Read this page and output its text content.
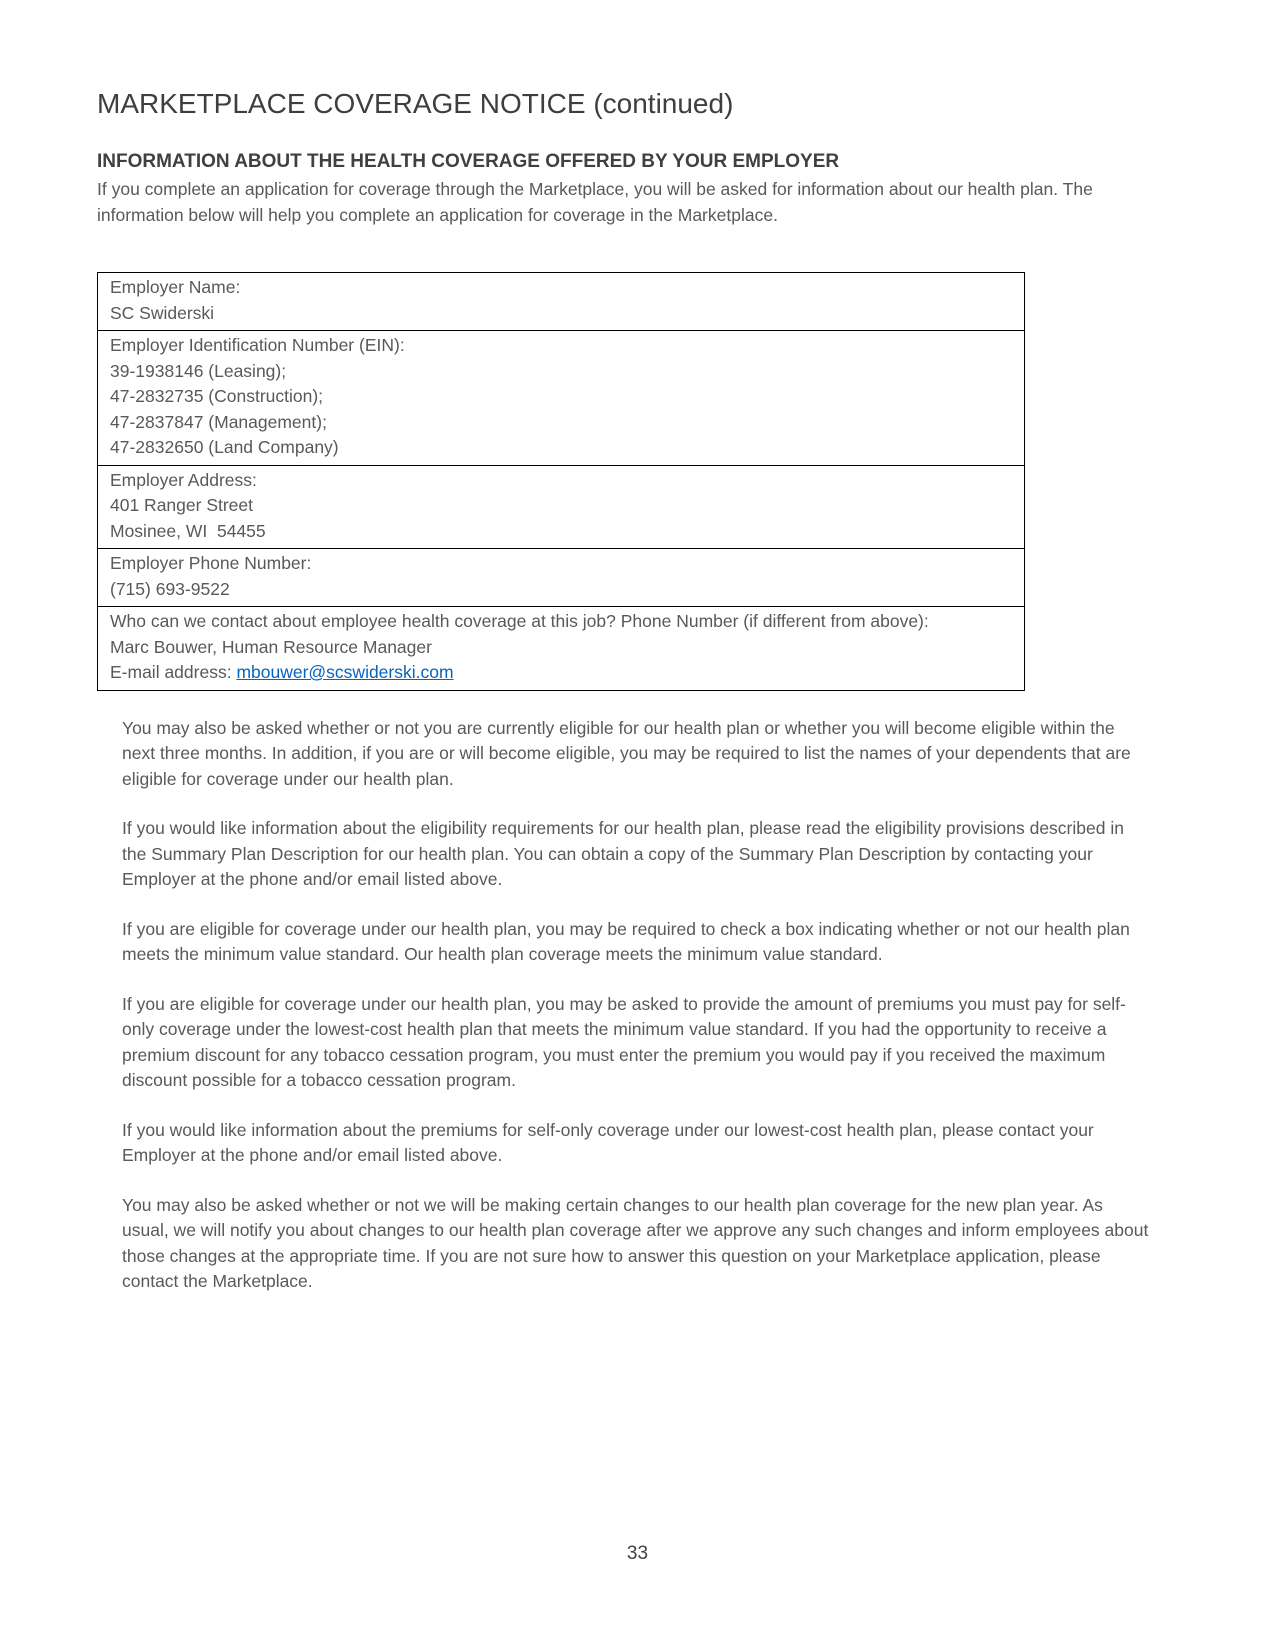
MARKETPLACE COVERAGE NOTICE (continued)
INFORMATION ABOUT THE HEALTH COVERAGE OFFERED BY YOUR EMPLOYER

If you complete an application for coverage through the Marketplace, you will be asked for information about our health plan. The information below will help you complete an application for coverage in the Marketplace.

Employer Name:
SC Swiderski

Employer Identification Number (EIN):
39-1938146 (Leasing);
47-2832735 (Construction);
47-2837847 (Management);
47-2832650 (Land Company)

Employer Address:
401 Ranger Street
Mosinee, WI  54455

Employer Phone Number:
(715) 693-9522

Who can we contact about employee health coverage at this job? Phone Number (if different from above):
Marc Bouwer, Human Resource Manager
E-mail address: mbouwer@scswiderski.com
You may also be asked whether or not you are currently eligible for our health plan or whether you will become eligible within the next three months. In addition, if you are or will become eligible, you may be required to list the names of your dependents that are eligible for coverage under our health plan.
If you would like information about the eligibility requirements for our health plan, please read the eligibility provisions described in the Summary Plan Description for our health plan. You can obtain a copy of the Summary Plan Description by contacting your Employer at the phone and/or email listed above.
If you are eligible for coverage under our health plan, you may be required to check a box indicating whether or not our health plan meets the minimum value standard. Our health plan coverage meets the minimum value standard.
If you are eligible for coverage under our health plan, you may be asked to provide the amount of premiums you must pay for self-only coverage under the lowest-cost health plan that meets the minimum value standard. If you had the opportunity to receive a premium discount for any tobacco cessation program, you must enter the premium you would pay if you received the maximum discount possible for a tobacco cessation program.
If you would like information about the premiums for self-only coverage under our lowest-cost health plan, please contact your Employer at the phone and/or email listed above.
You may also be asked whether or not we will be making certain changes to our health plan coverage for the new plan year. As usual, we will notify you about changes to our health plan coverage after we approve any such changes and inform employees about those changes at the appropriate time. If you are not sure how to answer this question on your Marketplace application, please contact the Marketplace.
33
